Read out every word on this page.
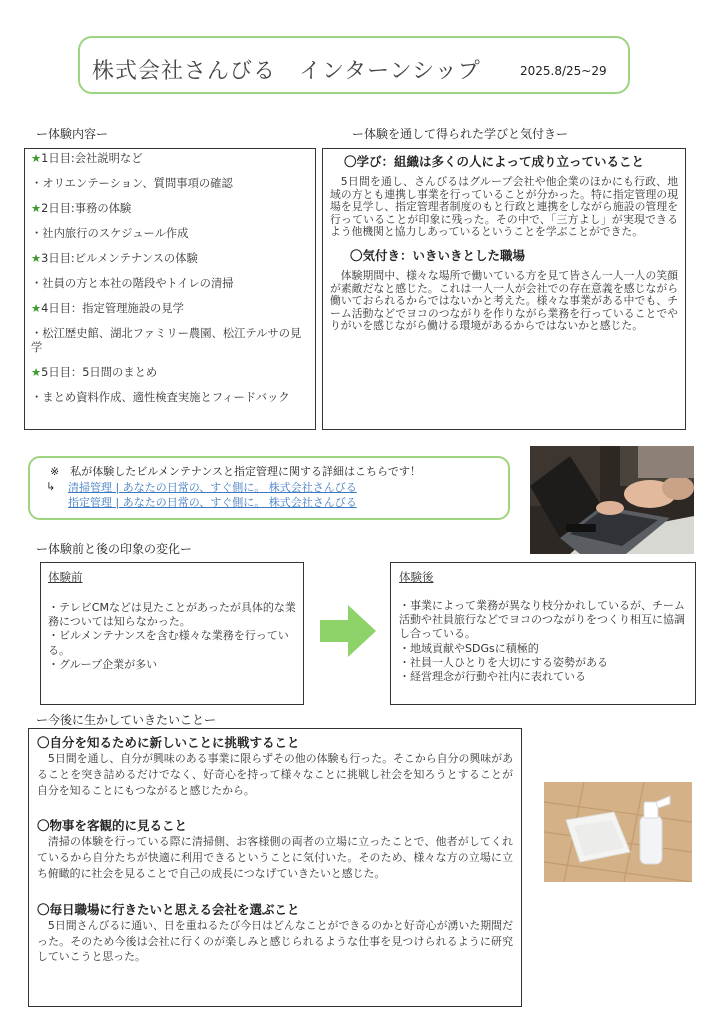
株式会社さんびる　インターンシップ	2025.8/25~29
ー体験内容ー	ー体験を通して得られた学びと気付きー
★1日目:会社説明など
・オリエンテーション、質問事項の確認
★2日目:事務の体験
・社内旅行のスケジュール作成
★3日目:ビルメンテナンスの体験
・社員の方と本社の階段やトイレの清掃
★4日目：指定管理施設の見学
・松江歴史館、湖北ファミリー農園、松江テルサの見学
★5日目：5日間のまとめ
・まとめ資料作成、適性検査実施とフィードバック
〇学び：組織は多くの人によって成り立っていること
5日間を通し、さんびるはグループ会社や他企業のほかにも行政、地域の方とも連携し事業を行っていることが分かった。特に指定管理の現場を見学し、指定管理者制度のもと行政と連携をしながら施設の管理を行っていることが印象に残った。その中で、「三方よし」が実現できるよう他機関と協力しあっているということを学ぶことができた。
〇気付き：いきいきとした職場
体験期間中、様々な場所で働いている方を見て皆さん一人一人の笑顔が素敵だなと感じた。これは一人一人が会社での存在意義を感じながら働いておられるからではないかと考えた。様々な事業がある中でも、チーム活動などでヨコのつながりを作りながら業務を行っていることでやりがいを感じながら働ける環境があるからではないかと感じた。
※　私が体験したビルメンテナンスと指定管理に関する詳細はこちらです！
↳ 清掃管理 | あなたの日常の、すぐ側に。 株式会社さんびる
指定管理 | あなたの日常の、すぐ側に。 株式会社さんびる
ー体験前と後の印象の変化ー
体験前
・テレビCMなどは見たことがあったが具体的な業務については知らなかった。
・ビルメンテナンスを含む様々な業務を行っている。
・グループ企業が多い
体験後
・事業によって業務が異なり枝分かれしているが、チーム活動や社員旅行などでヨコのつながりをつくり相互に協調し合っている。
・地域貢献やSDGsに積極的
・社員一人ひとりを大切にする姿勢がある
・経営理念が行動や社内に表れている
ー今後に生かしていきたいことー
〇自分を知るために新しいことに挑戦すること
5日間を通し、自分が興味のある事業に限らずその他の体験も行った。そこから自分の興味があることを突き詰めるだけでなく、好奇心を持って様々なことに挑戦し社会を知ろうとすることが自分を知ることにもつながると感じたから。
〇物事を客観的に見ること
清掃の体験を行っている際に清掃側、お客様側の両者の立場に立ったことで、他者がしてくれているから自分たちが快適に利用できるということに気付いた。そのため、様々な方の立場に立ち俯瞰的に社会を見ることで自己の成長につなげていきたいと感じた。
〇毎日職場に行きたいと思える会社を選ぶこと
5日間さんびるに通い、日を重ねるたび今日はどんなことができるのかと好奇心が湧いた期間だった。そのため今後は会社に行くのが楽しみと感じられるような仕事を見つけられるように研究していこうと思った。
